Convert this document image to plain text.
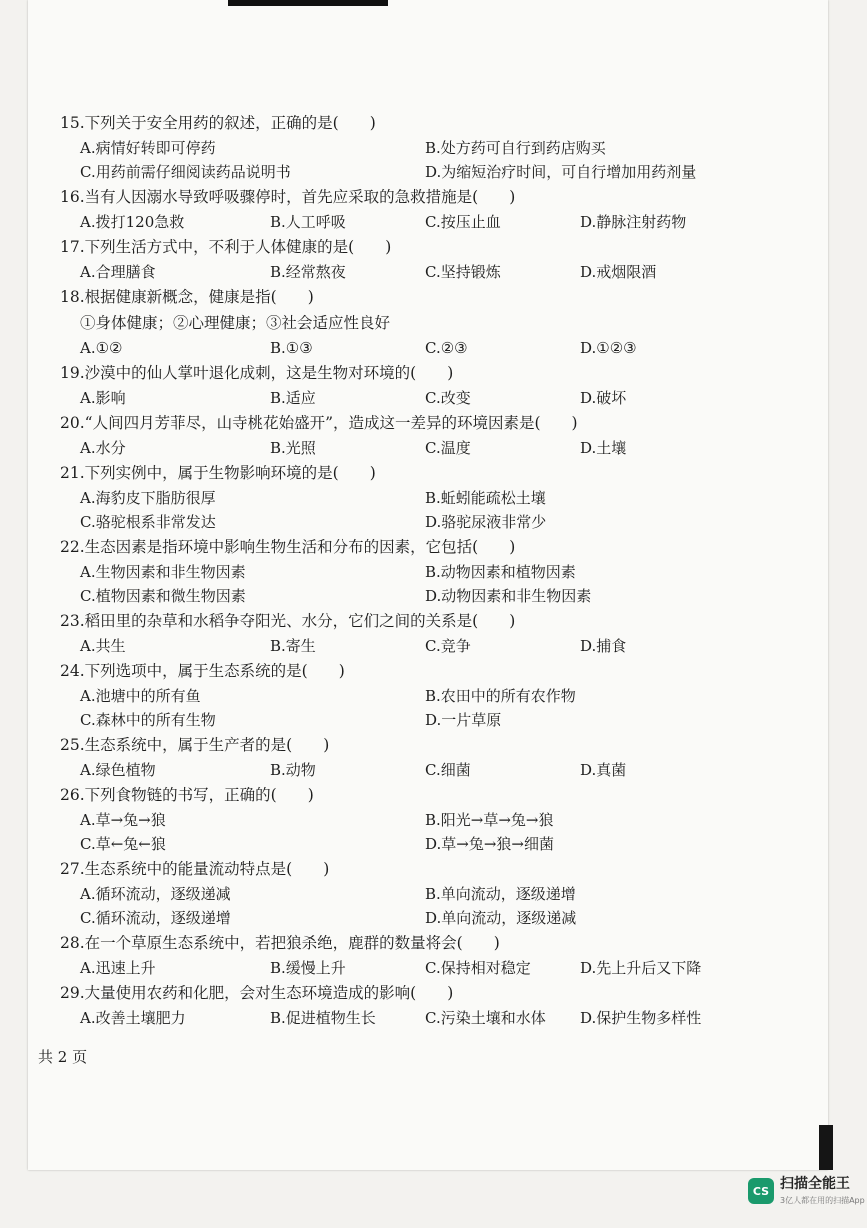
15.下列关于安全用药的叙述，正确的是(　　)
A.病情好转即可停药	B.处方药可自行到药店购买
C.用药前需仔细阅读药品说明书	D.为缩短治疗时间，可自行增加用药剂量
16.当有人因溺水导致呼吸骤停时，首先应采取的急救措施是(　　)
A.拨打120急救	B.人工呼吸	C.按压止血	D.静脉注射药物
17.下列生活方式中，不利于人体健康的是(　　)
A.合理膳食	B.经常熬夜	C.坚持锻炼	D.戒烟限酒
18.根据健康新概念，健康是指(　　)
①身体健康；②心理健康；③社会适应性良好
A.①②	B.①③	C.②③	D.①②③
19.沙漠中的仙人掌叶退化成刺，这是生物对环境的(　　)
A.影响	B.适应	C.改变	D.破坏
20.“人间四月芳菲尽，山寺桃花始盛开”，造成这一差异的环境因素是(　　)
A.水分	B.光照	C.温度	D.土壤
21.下列实例中，属于生物影响环境的是(　　)
A.海豹皮下脂肪很厚	B.蚯蚓能疏松土壤
C.骆驼根系非常发达	D.骆驼尿液非常少
22.生态因素是指环境中影响生物生活和分布的因素，它包括(　　)
A.生物因素和非生物因素	B.动物因素和植物因素
C.植物因素和微生物因素	D.动物因素和非生物因素
23.稻田里的杂草和水稻争夺阳光、水分，它们之间的关系是(　　)
A.共生	B.寄生	C.竞争	D.捕食
24.下列选项中，属于生态系统的是(　　)
A.池塘中的所有鱼	B.农田中的所有农作物
C.森林中的所有生物	D.一片草原
25.生态系统中，属于生产者的是(　　)
A.绿色植物	B.动物	C.细菌	D.真菌
26.下列食物链的书写，正确的(　　)
A.草→兔→狼	B.阳光→草→兔→狼
C.草←兔←狼	D.草→兔→狼→细菌
27.生态系统中的能量流动特点是(　　)
A.循环流动，逐级递减	B.单向流动，逐级递增
C.循环流动，逐级递增	D.单向流动，逐级递减
28.在一个草原生态系统中，若把狼杀绝，鹿群的数量将会(　　)
A.迅速上升	B.缓慢上升	C.保持相对稳定	D.先上升后又下降
29.大量使用农药和化肥，会对生态环境造成的影响(　　)
A.改善土壤肥力	B.促进植物生长	C.污染土壤和水体 D.保护生物多样性
共 2 页
CS 扫描全能王
3亿人都在用的扫描App
